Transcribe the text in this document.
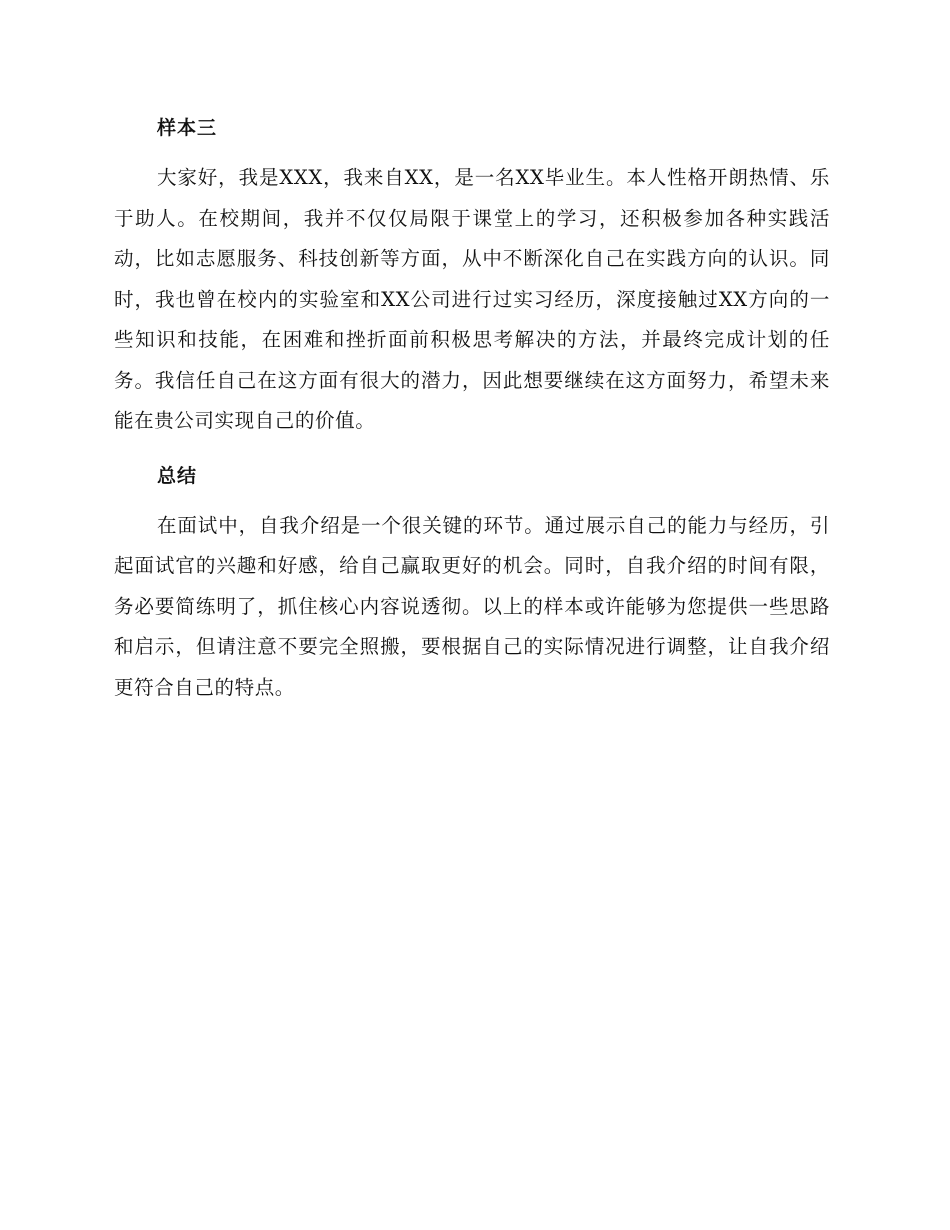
样本三

大家好，我是XXX，我来自XX，是一名XX毕业生。本人性格开朗热情、乐于助人。在校期间，我并不仅仅局限于课堂上的学习，还积极参加各种实践活动，比如志愿服务、科技创新等方面，从中不断深化自己在实践方向的认识。同时，我也曾在校内的实验室和XX公司进行过实习经历，深度接触过XX方向的一些知识和技能，在困难和挫折面前积极思考解决的方法，并最终完成计划的任务。我信任自己在这方面有很大的潜力，因此想要继续在这方面努力，希望未来能在贵公司实现自己的价值。

总结

在面试中，自我介绍是一个很关键的环节。通过展示自己的能力与经历，引起面试官的兴趣和好感，给自己赢取更好的机会。同时，自我介绍的时间有限，务必要简练明了，抓住核心内容说透彻。以上的样本或许能够为您提供一些思路和启示，但请注意不要完全照搬，要根据自己的实际情况进行调整，让自我介绍更符合自己的特点。
